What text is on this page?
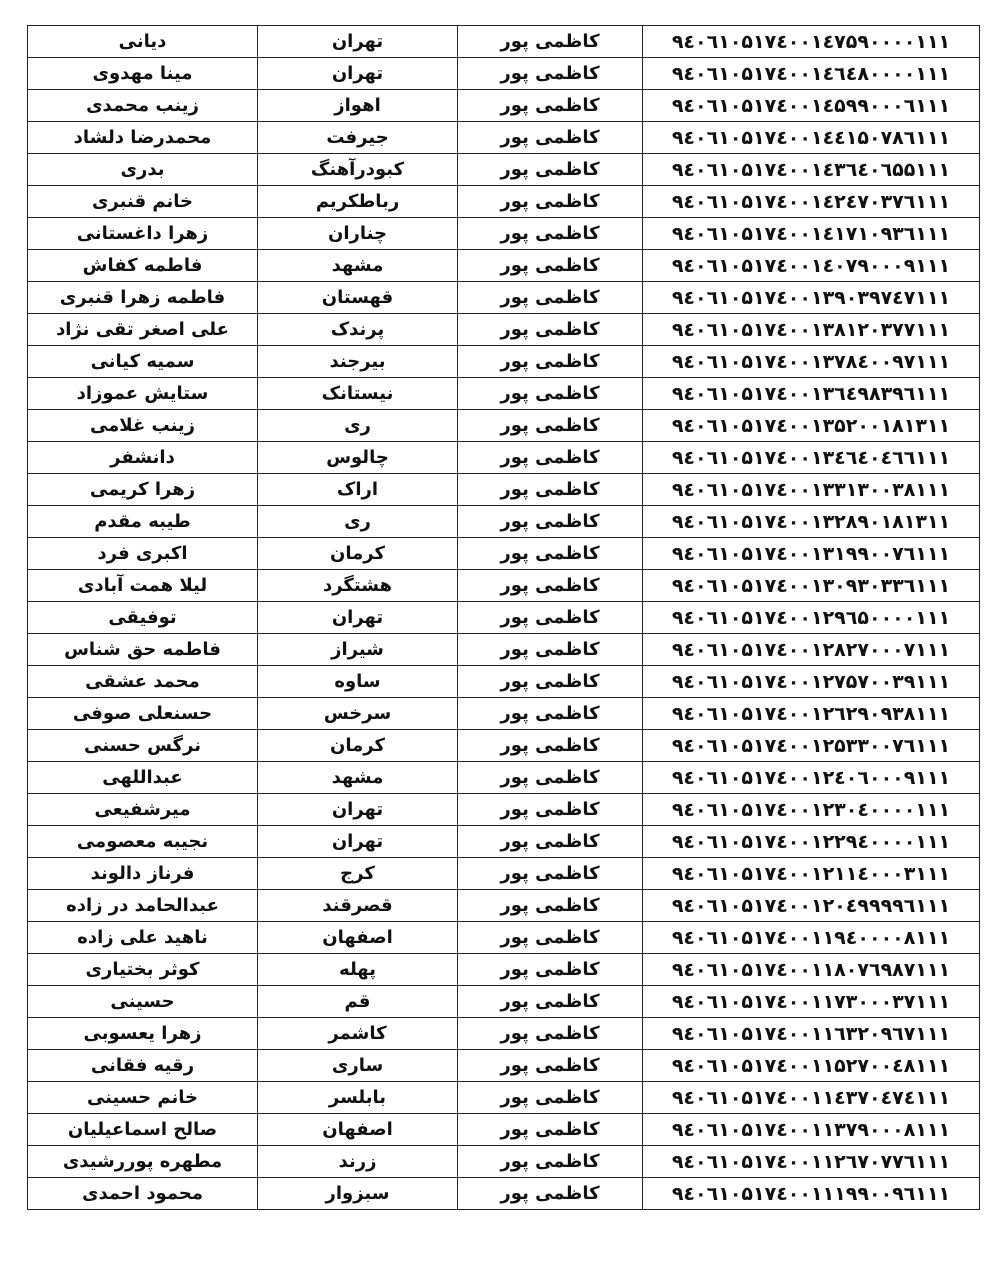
دیانی	تهران	کاظمی پور	۹٤۰٦۱۰۵۱۷٤۰۰۱٤۷۵۹۰۰۰۰۱۱۱
مینا مهدوی	تهران	کاظمی پور	۹٤۰٦۱۰۵۱۷٤۰۰۱٤٦٤۸۰۰۰۰۱۱۱
زینب محمدی	اهواز	کاظمی پور	۹٤۰٦۱۰۵۱۷٤۰۰۱٤۵۹۹۰۰۰٦۱۱۱
محمدرضا دلشاد	جیرفت	کاظمی پور	۹٤۰٦۱۰۵۱۷٤۰۰۱٤٤۱۵۰۷۸٦۱۱۱
بدری	کبودرآهنگ	کاظمی پور	۹٤۰٦۱۰۵۱۷٤۰۰۱٤۳٦٤۰٦۵۵۱۱۱
خانم قنبری	رباطکریم	کاظمی پور	۹٤۰٦۱۰۵۱۷٤۰۰۱٤۲٤۷۰۳۷٦۱۱۱
زهرا داغستانی	چناران	کاظمی پور	۹٤۰٦۱۰۵۱۷٤۰۰۱٤۱۷۱۰۹۳٦۱۱۱
فاطمه کفاش	مشهد	کاظمی پور	۹٤۰٦۱۰۵۱۷٤۰۰۱٤۰۷۹۰۰۰۹۱۱۱
فاطمه زهرا قنبری	قهستان	کاظمی پور	۹٤۰٦۱۰۵۱۷٤۰۰۱۳۹۰۳۹۷٤۷۱۱۱
علی اصغر تقی نژاد	پرندک	کاظمی پور	۹٤۰٦۱۰۵۱۷٤۰۰۱۳۸۱۲۰۳۷۷۱۱۱
سمیه کیانی	بیرجند	کاظمی پور	۹٤۰٦۱۰۵۱۷٤۰۰۱۳۷۸٤۰۰۹۷۱۱۱
ستایش عموزاد	نیستانک	کاظمی پور	۹٤۰٦۱۰۵۱۷٤۰۰۱۳٦٤۹۸۳۹٦۱۱۱
زینب غلامی	ری	کاظمی پور	۹٤۰٦۱۰۵۱۷٤۰۰۱۳۵۲۰۰۱۸۱۳۱۱
دانشفر	چالوس	کاظمی پور	۹٤۰٦۱۰۵۱۷٤۰۰۱۳٤٦٤۰٤٦٦۱۱۱
زهرا کریمی	اراک	کاظمی پور	۹٤۰٦۱۰۵۱۷٤۰۰۱۳۳۱۳۰۰۳۸۱۱۱
طیبه مقدم	ری	کاظمی پور	۹٤۰٦۱۰۵۱۷٤۰۰۱۳۲۸۹۰۱۸۱۳۱۱
اکبری فرد	کرمان	کاظمی پور	۹٤۰٦۱۰۵۱۷٤۰۰۱۳۱۹۹۰۰۷٦۱۱۱
لیلا همت آبادی	هشتگرد	کاظمی پور	۹٤۰٦۱۰۵۱۷٤۰۰۱۳۰۹۳۰۳۳٦۱۱۱
توفیقی	تهران	کاظمی پور	۹٤۰٦۱۰۵۱۷٤۰۰۱۲۹٦۵۰۰۰۰۱۱۱
فاطمه حق شناس	شیراز	کاظمی پور	۹٤۰٦۱۰۵۱۷٤۰۰۱۲۸۲۷۰۰۰۷۱۱۱
محمد عشقی	ساوه	کاظمی پور	۹٤۰٦۱۰۵۱۷٤۰۰۱۲۷۵۷۰۰۳۹۱۱۱
حسنعلی صوفی	سرخس	کاظمی پور	۹٤۰٦۱۰۵۱۷٤۰۰۱۲٦۲۹۰۹۳۸۱۱۱
نرگس حسنی	کرمان	کاظمی پور	۹٤۰٦۱۰۵۱۷٤۰۰۱۲۵۳۳۰۰۷٦۱۱۱
عبداللهی	مشهد	کاظمی پور	۹٤۰٦۱۰۵۱۷٤۰۰۱۲٤۰٦۰۰۰۹۱۱۱
میرشفیعی	تهران	کاظمی پور	۹٤۰٦۱۰۵۱۷٤۰۰۱۲۳۰٤۰۰۰۰۱۱۱
نجیبه معصومی	تهران	کاظمی پور	۹٤۰٦۱۰۵۱۷٤۰۰۱۲۲۹٤۰۰۰۰۱۱۱
فرناز دالوند	کرج	کاظمی پور	۹٤۰٦۱۰۵۱۷٤۰۰۱۲۱۱٤۰۰۰۳۱۱۱
عبدالحامد در زاده	قصرقند	کاظمی پور	۹٤۰٦۱۰۵۱۷٤۰۰۱۲۰٤۹۹۹۹٦۱۱۱
ناهید علی زاده	اصفهان	کاظمی پور	۹٤۰٦۱۰۵۱۷٤۰۰۱۱۹٤۰۰۰۰۸۱۱۱
کوثر بختیاری	پهله	کاظمی پور	۹٤۰٦۱۰۵۱۷٤۰۰۱۱۸۰۷٦۹۸۷۱۱۱
حسینی	قم	کاظمی پور	۹٤۰٦۱۰۵۱۷٤۰۰۱۱۷۳۰۰۰۳۷۱۱۱
زهرا یعسوبی	کاشمر	کاظمی پور	۹٤۰٦۱۰۵۱۷٤۰۰۱۱٦۳۲۰۹٦۷۱۱۱
رقیه فقانی	ساری	کاظمی پور	۹٤۰٦۱۰۵۱۷٤۰۰۱۱۵۲۷۰۰٤۸۱۱۱
خانم حسینی	بابلسر	کاظمی پور	۹٤۰٦۱۰۵۱۷٤۰۰۱۱٤۳۷۰٤۷٤۱۱۱
صالح اسماعیلیان	اصفهان	کاظمی پور	۹٤۰٦۱۰۵۱۷٤۰۰۱۱۳۷۹۰۰۰۸۱۱۱
مطهره پوررشیدی	زرند	کاظمی پور	۹٤۰٦۱۰۵۱۷٤۰۰۱۱۲٦۷۰۷۷٦۱۱۱
محمود احمدی	سبزوار	کاظمی پور	۹٤۰٦۱۰۵۱۷٤۰۰۱۱۱۹۹۰۰۹٦۱۱۱
